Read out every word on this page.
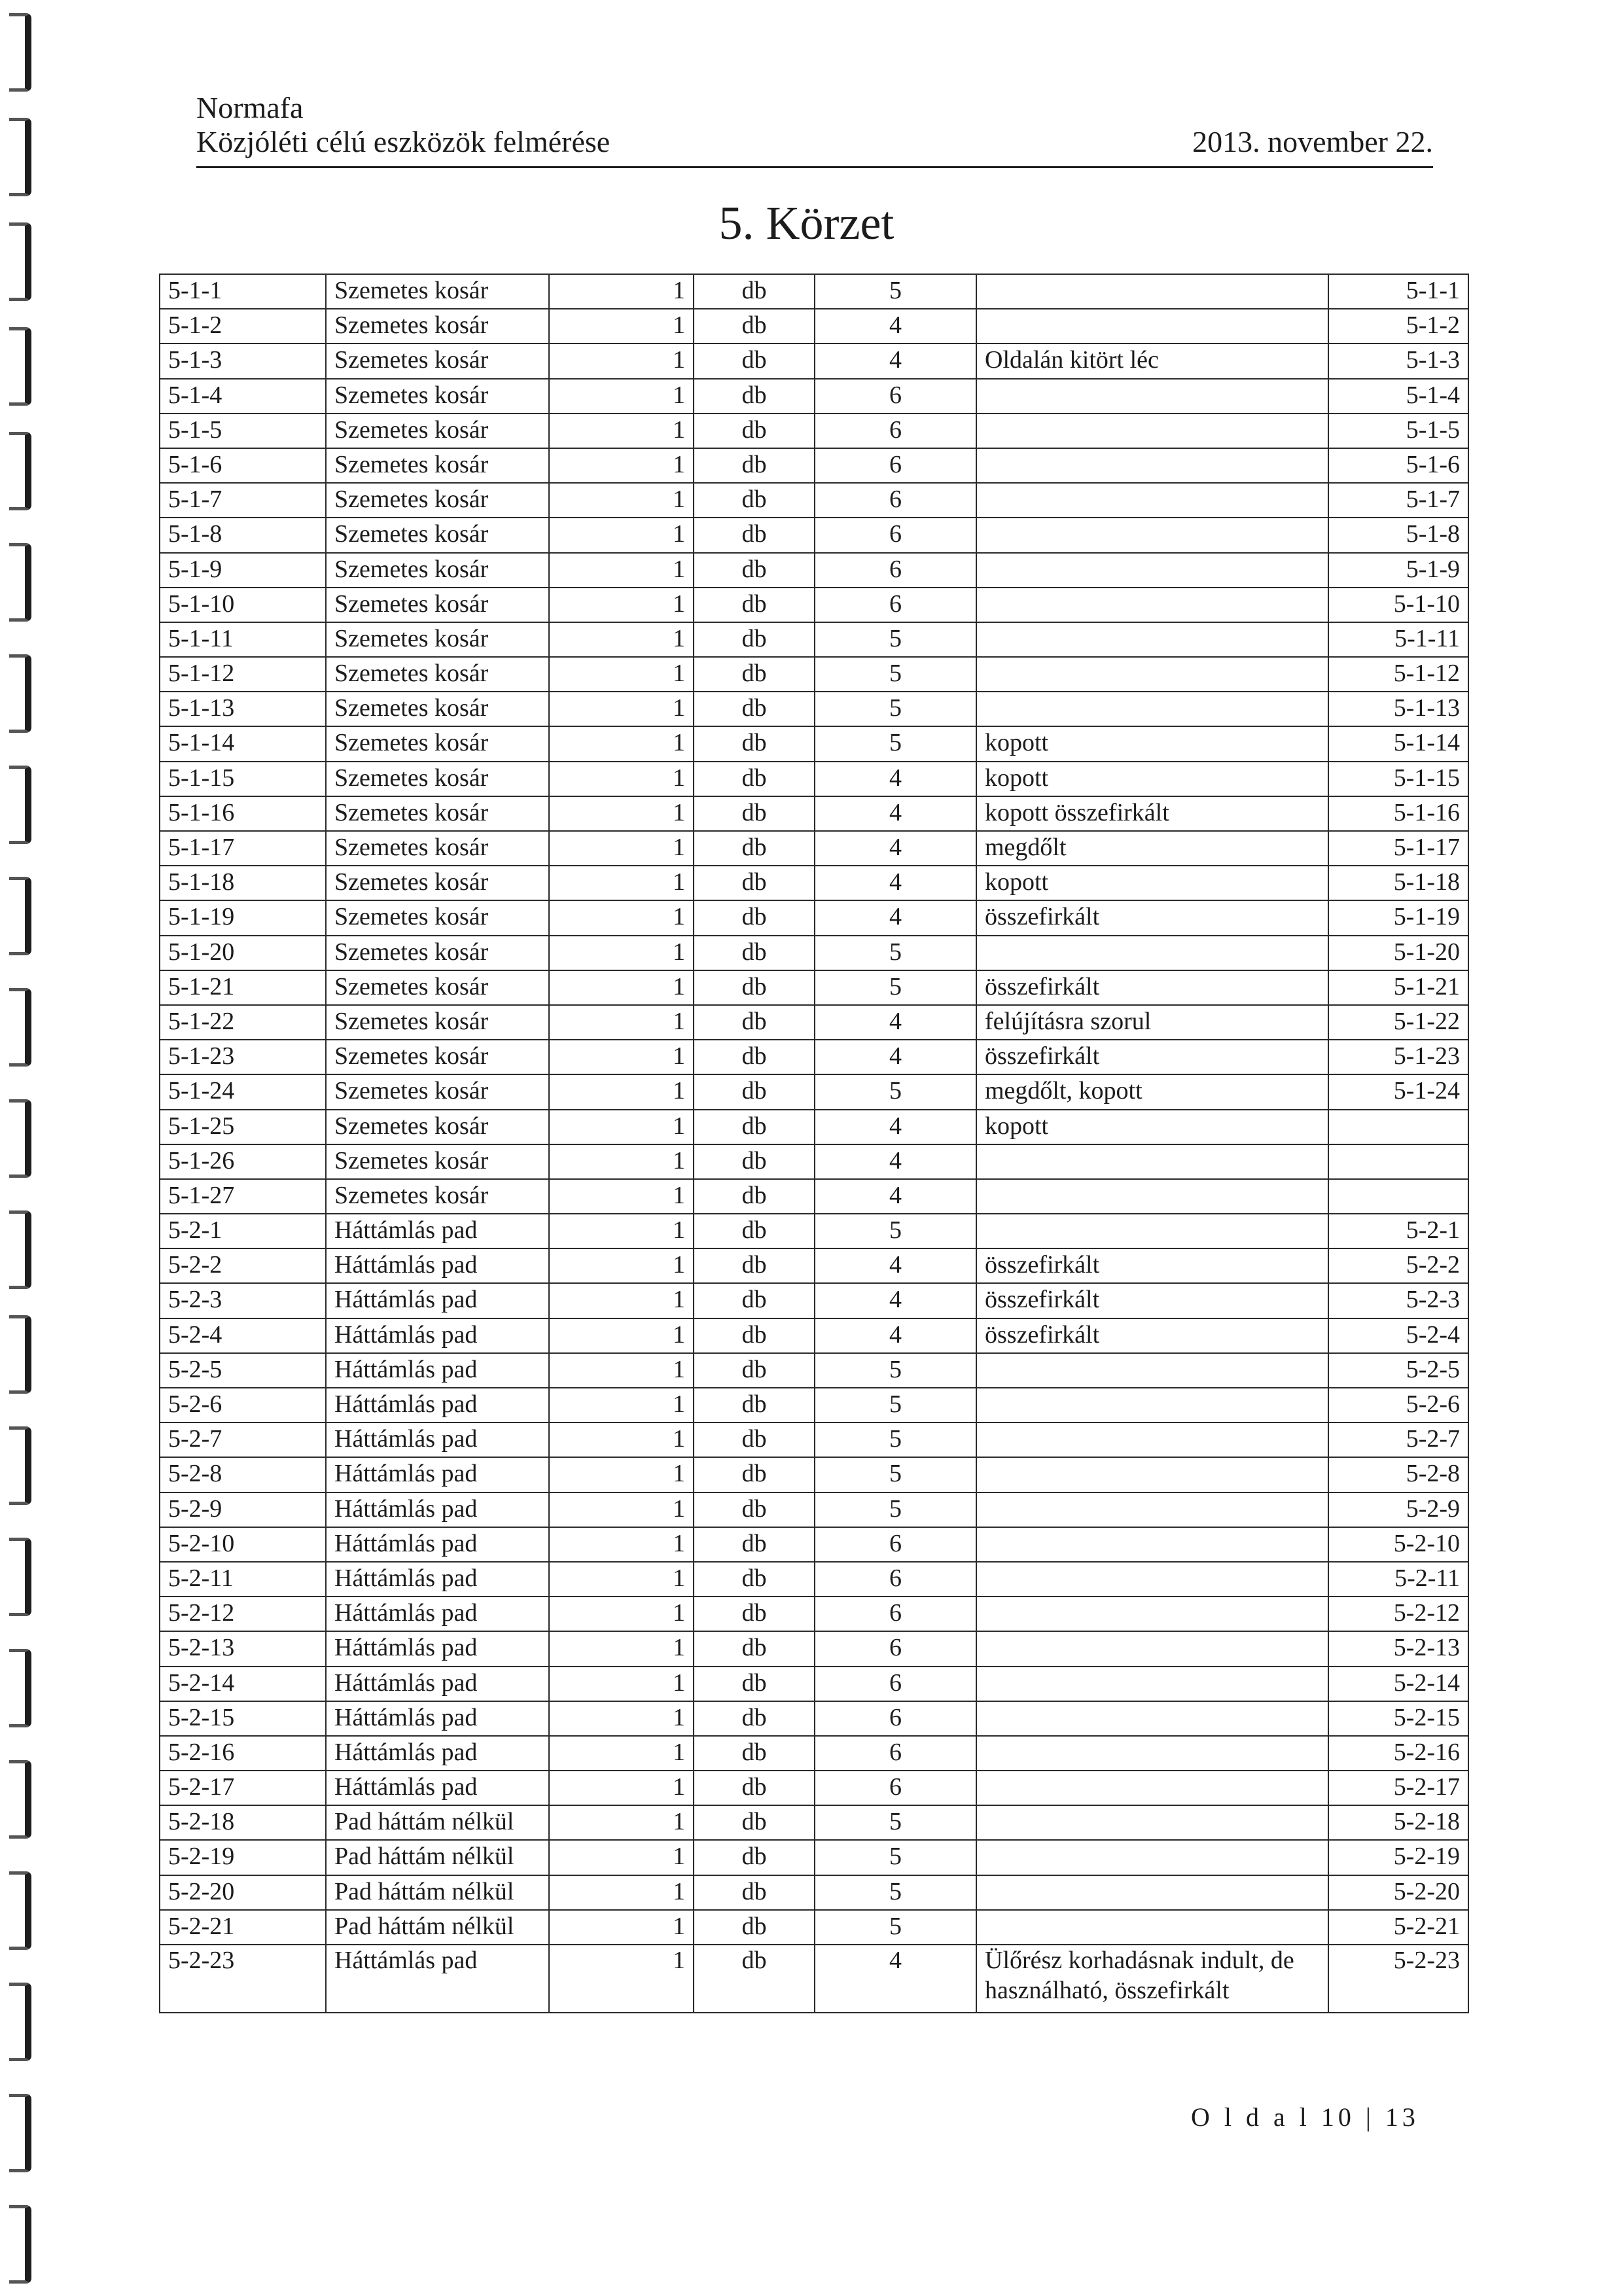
Normafa
Közjóléti célú eszközök felmérése	2013. november 22.
5. Körzet
5-1-1	Szemetes kosár	1	db	5		5-1-1
5-1-2	Szemetes kosár	1	db	4		5-1-2
5-1-3	Szemetes kosár	1	db	4	Oldalán kitört léc	5-1-3
5-1-4	Szemetes kosár	1	db	6		5-1-4
5-1-5	Szemetes kosár	1	db	6		5-1-5
5-1-6	Szemetes kosár	1	db	6		5-1-6
5-1-7	Szemetes kosár	1	db	6		5-1-7
5-1-8	Szemetes kosár	1	db	6		5-1-8
5-1-9	Szemetes kosár	1	db	6		5-1-9
5-1-10	Szemetes kosár	1	db	6		5-1-10
5-1-11	Szemetes kosár	1	db	5		5-1-11
5-1-12	Szemetes kosár	1	db	5		5-1-12
5-1-13	Szemetes kosár	1	db	5		5-1-13
5-1-14	Szemetes kosár	1	db	5	kopott	5-1-14
5-1-15	Szemetes kosár	1	db	4	kopott	5-1-15
5-1-16	Szemetes kosár	1	db	4	kopott összefirkált	5-1-16
5-1-17	Szemetes kosár	1	db	4	megdőlt	5-1-17
5-1-18	Szemetes kosár	1	db	4	kopott	5-1-18
5-1-19	Szemetes kosár	1	db	4	összefirkált	5-1-19
5-1-20	Szemetes kosár	1	db	5		5-1-20
5-1-21	Szemetes kosár	1	db	5	összefirkált	5-1-21
5-1-22	Szemetes kosár	1	db	4	felújításra szorul	5-1-22
5-1-23	Szemetes kosár	1	db	4	összefirkált	5-1-23
5-1-24	Szemetes kosár	1	db	5	megdőlt, kopott	5-1-24
5-1-25	Szemetes kosár	1	db	4	kopott	
5-1-26	Szemetes kosár	1	db	4		
5-1-27	Szemetes kosár	1	db	4		
5-2-1	Háttámlás pad	1	db	5		5-2-1
5-2-2	Háttámlás pad	1	db	4	összefirkált	5-2-2
5-2-3	Háttámlás pad	1	db	4	összefirkált	5-2-3
5-2-4	Háttámlás pad	1	db	4	összefirkált	5-2-4
5-2-5	Háttámlás pad	1	db	5		5-2-5
5-2-6	Háttámlás pad	1	db	5		5-2-6
5-2-7	Háttámlás pad	1	db	5		5-2-7
5-2-8	Háttámlás pad	1	db	5		5-2-8
5-2-9	Háttámlás pad	1	db	5		5-2-9
5-2-10	Háttámlás pad	1	db	6		5-2-10
5-2-11	Háttámlás pad	1	db	6		5-2-11
5-2-12	Háttámlás pad	1	db	6		5-2-12
5-2-13	Háttámlás pad	1	db	6		5-2-13
5-2-14	Háttámlás pad	1	db	6		5-2-14
5-2-15	Háttámlás pad	1	db	6		5-2-15
5-2-16	Háttámlás pad	1	db	6		5-2-16
5-2-17	Háttámlás pad	1	db	6		5-2-17
5-2-18	Pad háttám nélkül	1	db	5		5-2-18
5-2-19	Pad háttám nélkül	1	db	5		5-2-19
5-2-20	Pad háttám nélkül	1	db	5		5-2-20
5-2-21	Pad háttám nélkül	1	db	5		5-2-21
5-2-23	Háttámlás pad	1	db	4	Ülőrész korhadásnak indult, de használható, összefirkált	5-2-23
O l d a l 10 | 13
